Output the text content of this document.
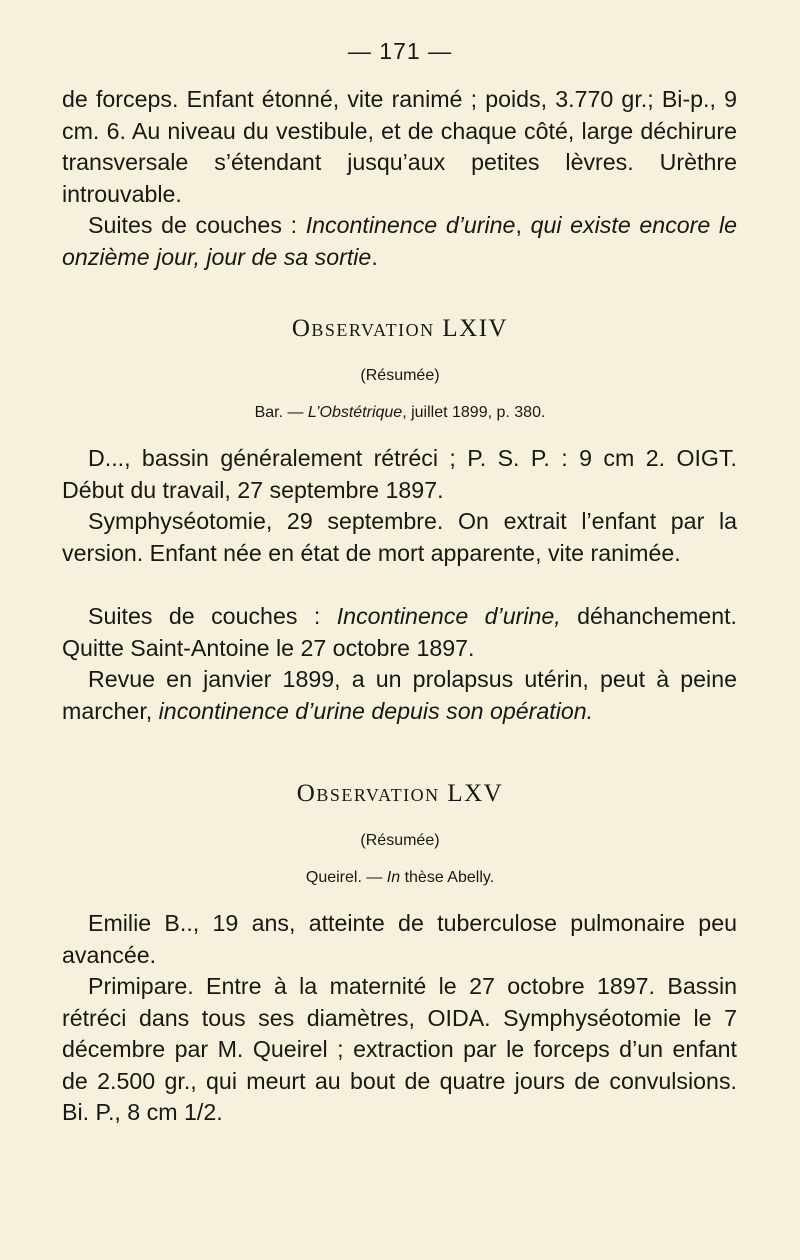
— 171 —

de forceps. Enfant étonné, vite ranimé ; poids, 3.770 gr.; Bi-p., 9 cm. 6. Au niveau du vestibule, et de chaque côté, large déchirure transversale s’étendant jusqu’aux petites lèvres. Urèthre introuvable.

Suites de couches : Incontinence d’urine, qui existe encore le onzième jour, jour de sa sortie.

Observation LXIV
(Résumée)
Bar. — L’Obstétrique, juillet 1899, p. 380.

D..., bassin généralement rétréci ; P. S. P. : 9 cm 2. OIGT. Début du travail, 27 septembre 1897.

Symphyséotomie, 29 septembre. On extrait l’enfant par la version. Enfant née en état de mort apparente, vite ranimée.

Suites de couches : Incontinence d’urine, déhanchement. Quitte Saint-Antoine le 27 octobre 1897.

Revue en janvier 1899, a un prolapsus utérin, peut à peine marcher, incontinence d’urine depuis son opération.

Observation LXV
(Résumée)
Queirel. — In thèse Abelly.

Emilie B.., 19 ans, atteinte de tuberculose pulmonaire peu avancée.

Primipare. Entre à la maternité le 27 octobre 1897. Bassin rétréci dans tous ses diamètres, OIDA. Symphyséotomie le 7 décembre par M. Queirel ; extraction par le forceps d’un enfant de 2.500 gr., qui meurt au bout de quatre jours de convulsions. Bi. P., 8 cm 1/2.
